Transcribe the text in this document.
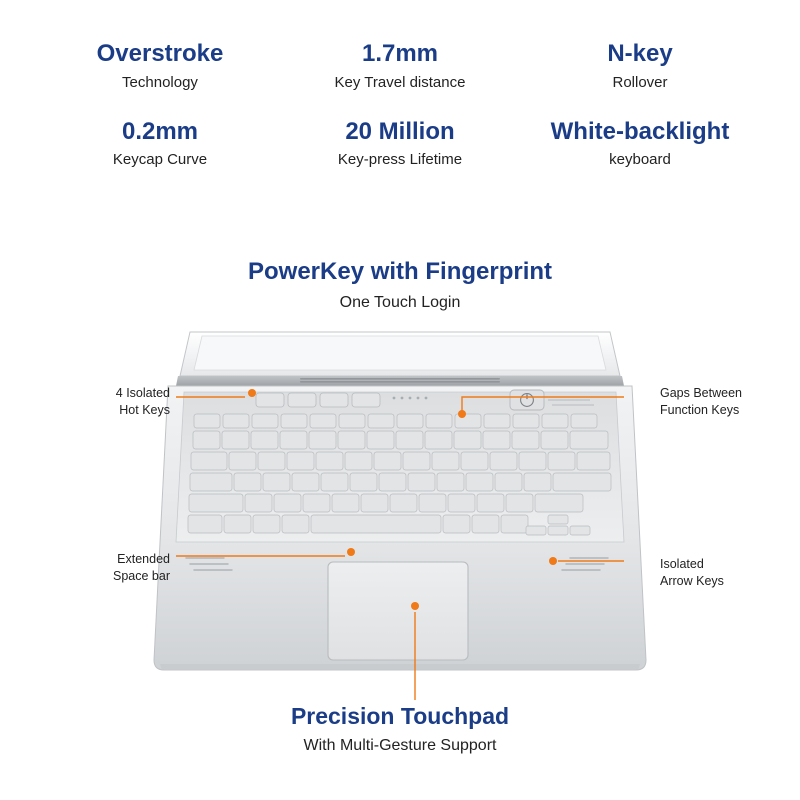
Overstroke
Technology
1.7mm
Key Travel distance
N-key
Rollover
0.2mm
Keycap Curve
20 Million
Key-press Lifetime
White-backlight
keyboard
PowerKey with Fingerprint
One Touch Login
4 Isolated
Hot Keys
Gaps Between
Function Keys
Extended
Space bar
Isolated
Arrow Keys
Precision Touchpad
With Multi-Gesture Support
